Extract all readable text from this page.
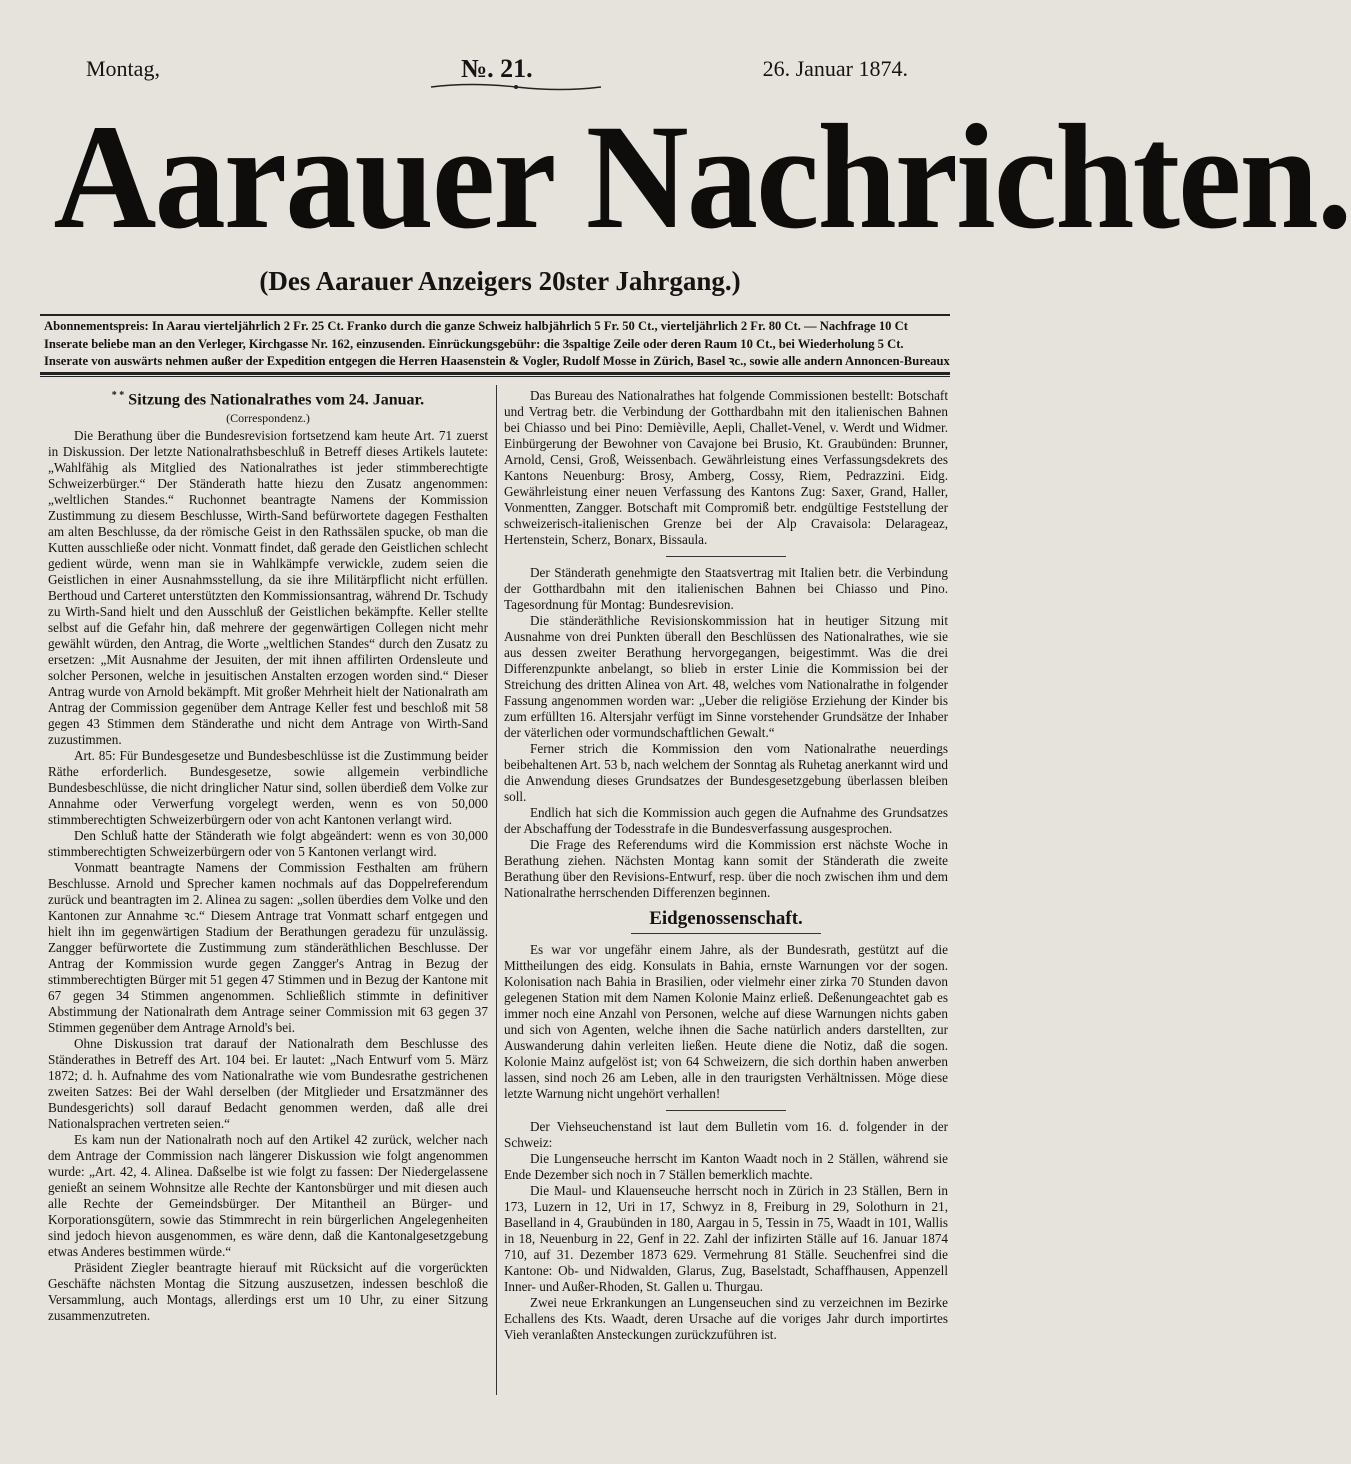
Montag,	№. 21.	26. Januar 1874.
Aarauer Nachrichten.
(Des Aarauer Anzeigers 20ster Jahrgang.)
Abonnementspreis: In Aarau vierteljährlich 2 Fr. 25 Ct. Franko durch die ganze Schweiz halbjährlich 5 Fr. 50 Ct., vierteljährlich 2 Fr. 80 Ct. — Nachfrage 10 Ct
Inserate beliebe man an den Verleger, Kirchgasse Nr. 162, einzusenden. Einrückungsgebühr: die 3spaltige Zeile oder deren Raum 10 Ct., bei Wiederholung 5 Ct.
Inserate von auswärts nehmen außer der Expedition entgegen die Herren Haasenstein & Vogler, Rudolf Mosse in Zürich, Basel ꝛc., sowie alle andern Annoncen-Bureaux

* * Sitzung des Nationalrathes vom 24. Januar.

(Correspondenz.)

Die Berathung über die Bundesrevision fortsetzend kam heute Art. 71 zuerst in Diskussion. Der letzte Nationalrathsbeschluß in Betreff dieses Artikels lautete: „Wahlfähig als Mitglied des Nationalrathes ist jeder stimmberechtigte Schweizerbürger.“ Der Ständerath hatte hiezu den Zusatz angenommen: „weltlichen Standes.“ Ruchonnet beantragte Namens der Kommission Zustimmung zu diesem Beschlusse, Wirth-Sand befürwortete dagegen Festhalten am alten Beschlusse, da der römische Geist in den Rathssälen spucke, ob man die Kutten ausschließe oder nicht. Vonmatt findet, daß gerade den Geistlichen schlecht gedient würde, wenn man sie in Wahlkämpfe verwickle, zudem seien die Geistlichen in einer Ausnahmsstellung, da sie ihre Militärpflicht nicht erfüllen. Berthoud und Carteret unterstützten den Kommissionsantrag, während Dr. Tschudy zu Wirth-Sand hielt und den Ausschluß der Geistlichen bekämpfte. Keller stellte selbst auf die Gefahr hin, daß mehrere der gegenwärtigen Collegen nicht mehr gewählt würden, den Antrag, die Worte „weltlichen Standes“ durch den Zusatz zu ersetzen: „Mit Ausnahme der Jesuiten, der mit ihnen affilirten Ordensleute und solcher Personen, welche in jesuitischen Anstalten erzogen worden sind.“ Dieser Antrag wurde von Arnold bekämpft. Mit großer Mehrheit hielt der Nationalrath am Antrag der Commission gegenüber dem Antrage Keller fest und beschloß mit 58 gegen 43 Stimmen dem Ständerathe und nicht dem Antrage von Wirth-Sand zuzustimmen.

Art. 85: Für Bundesgesetze und Bundesbeschlüsse ist die Zustimmung beider Räthe erforderlich. Bundesgesetze, sowie allgemein verbindliche Bundesbeschlüsse, die nicht dringlicher Natur sind, sollen überdieß dem Volke zur Annahme oder Verwerfung vorgelegt werden, wenn es von 50,000 stimmberechtigten Schweizerbürgern oder von acht Kantonen verlangt wird.

Den Schluß hatte der Ständerath wie folgt abgeändert: wenn es von 30,000 stimmberechtigten Schweizerbürgern oder von 5 Kantonen verlangt wird.

Vonmatt beantragte Namens der Commission Festhalten am frühern Beschlusse. Arnold und Sprecher kamen nochmals auf das Doppelreferendum zurück und beantragten im 2. Alinea zu sagen: „sollen überdies dem Volke und den Kantonen zur Annahme ꝛc.“ Diesem Antrage trat Vonmatt scharf entgegen und hielt ihn im gegenwärtigen Stadium der Berathungen geradezu für unzulässig. Zangger befürwortete die Zustimmung zum ständeräthlichen Beschlusse. Der Antrag der Kommission wurde gegen Zangger's Antrag in Bezug der stimmberechtigten Bürger mit 51 gegen 47 Stimmen und in Bezug der Kantone mit 67 gegen 34 Stimmen angenommen. Schließlich stimmte in definitiver Abstimmung der Nationalrath dem Antrage seiner Commission mit 63 gegen 37 Stimmen gegenüber dem Antrage Arnold's bei.

Ohne Diskussion trat darauf der Nationalrath dem Beschlusse des Ständerathes in Betreff des Art. 104 bei. Er lautet: „Nach Entwurf vom 5. März 1872; d. h. Aufnahme des vom Nationalrathe wie vom Bundesrathe gestrichenen zweiten Satzes: Bei der Wahl derselben (der Mitglieder und Ersatzmänner des Bundesgerichts) soll darauf Bedacht genommen werden, daß alle drei Nationalsprachen vertreten seien.“

Es kam nun der Nationalrath noch auf den Artikel 42 zurück, welcher nach dem Antrage der Commission nach längerer Diskussion wie folgt angenommen wurde: „Art. 42, 4. Alinea. Daßselbe ist wie folgt zu fassen: Der Niedergelassene genießt an seinem Wohnsitze alle Rechte der Kantonsbürger und mit diesen auch alle Rechte der Gemeindsbürger. Der Mitantheil an Bürger- und Korporationsgütern, sowie das Stimmrecht in rein bürgerlichen Angelegenheiten sind jedoch hievon ausgenommen, es wäre denn, daß die Kantonalgesetzgebung etwas Anderes bestimmen würde.“

Präsident Ziegler beantragte hierauf mit Rücksicht auf die vorgerückten Geschäfte nächsten Montag die Sitzung auszusetzen, indessen beschloß die Versammlung, auch Montags, allerdings erst um 10 Uhr, zu einer Sitzung zusammenzutreten.

Das Bureau des Nationalrathes hat folgende Commissionen bestellt: Botschaft und Vertrag betr. die Verbindung der Gotthardbahn mit den italienischen Bahnen bei Chiasso und bei Pino: Demièville, Aepli, Challet-Venel, v. Werdt und Widmer. Einbürgerung der Bewohner von Cavajone bei Brusio, Kt. Graubünden: Brunner, Arnold, Censi, Groß, Weissenbach. Gewährleistung eines Verfassungsdekrets des Kantons Neuenburg: Brosy, Amberg, Cossy, Riem, Pedrazzini. Eidg. Gewährleistung einer neuen Verfassung des Kantons Zug: Saxer, Grand, Haller, Vonmentten, Zangger. Botschaft mit Compromiß betr. endgültige Feststellung der schweizerisch-italienischen Grenze bei der Alp Cravaisola: Delarageaz, Hertenstein, Scherz, Bonarx, Bissaula.

Der Ständerath genehmigte den Staatsvertrag mit Italien betr. die Verbindung der Gotthardbahn mit den italienischen Bahnen bei Chiasso und Pino. Tagesordnung für Montag: Bundesrevision.

Die ständeräthliche Revisionskommission hat in heutiger Sitzung mit Ausnahme von drei Punkten überall den Beschlüssen des Nationalrathes, wie sie aus dessen zweiter Berathung hervorgegangen, beigestimmt. Was die drei Differenzpunkte anbelangt, so blieb in erster Linie die Kommission bei der Streichung des dritten Alinea von Art. 48, welches vom Nationalrathe in folgender Fassung angenommen worden war: „Ueber die religiöse Erziehung der Kinder bis zum erfüllten 16. Altersjahr verfügt im Sinne vorstehender Grundsätze der Inhaber der väterlichen oder vormundschaftlichen Gewalt.“

Ferner strich die Kommission den vom Nationalrathe neuerdings beibehaltenen Art. 53 b, nach welchem der Sonntag als Ruhetag anerkannt wird und die Anwendung dieses Grundsatzes der Bundesgesetzgebung überlassen bleiben soll.

Endlich hat sich die Kommission auch gegen die Aufnahme des Grundsatzes der Abschaffung der Todesstrafe in die Bundesverfassung ausgesprochen.

Die Frage des Referendums wird die Kommission erst nächste Woche in Berathung ziehen. Nächsten Montag kann somit der Ständerath die zweite Berathung über den Revisions-Entwurf, resp. über die noch zwischen ihm und dem Nationalrathe herrschenden Differenzen beginnen.

Eidgenossenschaft.

Es war vor ungefähr einem Jahre, als der Bundesrath, gestützt auf die Mittheilungen des eidg. Konsulats in Bahia, ernste Warnungen vor der sogen. Kolonisation nach Bahia in Brasilien, oder vielmehr einer zirka 70 Stunden davon gelegenen Station mit dem Namen Kolonie Mainz erließ. Deßenungeachtet gab es immer noch eine Anzahl von Personen, welche auf diese Warnungen nichts gaben und sich von Agenten, welche ihnen die Sache natürlich anders darstellten, zur Auswanderung dahin verleiten ließen. Heute diene die Notiz, daß die sogen. Kolonie Mainz aufgelöst ist; von 64 Schweizern, die sich dorthin haben anwerben lassen, sind noch 26 am Leben, alle in den traurigsten Verhältnissen. Möge diese letzte Warnung nicht ungehört verhallen!

Der Viehseuchenstand ist laut dem Bulletin vom 16. d. folgender in der Schweiz:

Die Lungenseuche herrscht im Kanton Waadt noch in 2 Ställen, während sie Ende Dezember sich noch in 7 Ställen bemerklich machte.

Die Maul- und Klauenseuche herrscht noch in Zürich in 23 Ställen, Bern in 173, Luzern in 12, Uri in 17, Schwyz in 8, Freiburg in 29, Solothurn in 21, Baselland in 4, Graubünden in 180, Aargau in 5, Tessin in 75, Waadt in 101, Wallis in 18, Neuenburg in 22, Genf in 22. Zahl der infizirten Ställe auf 16. Januar 1874 710, auf 31. Dezember 1873 629. Vermehrung 81 Ställe. Seuchenfrei sind die Kantone: Ob- und Nidwalden, Glarus, Zug, Baselstadt, Schaffhausen, Appenzell Inner- und Außer-Rhoden, St. Gallen u. Thurgau.

Zwei neue Erkrankungen an Lungenseuchen sind zu verzeichnen im Bezirke Echallens des Kts. Waadt, deren Ursache auf die voriges Jahr durch importirtes Vieh veranlaßten Ansteckungen zurückzuführen ist.
